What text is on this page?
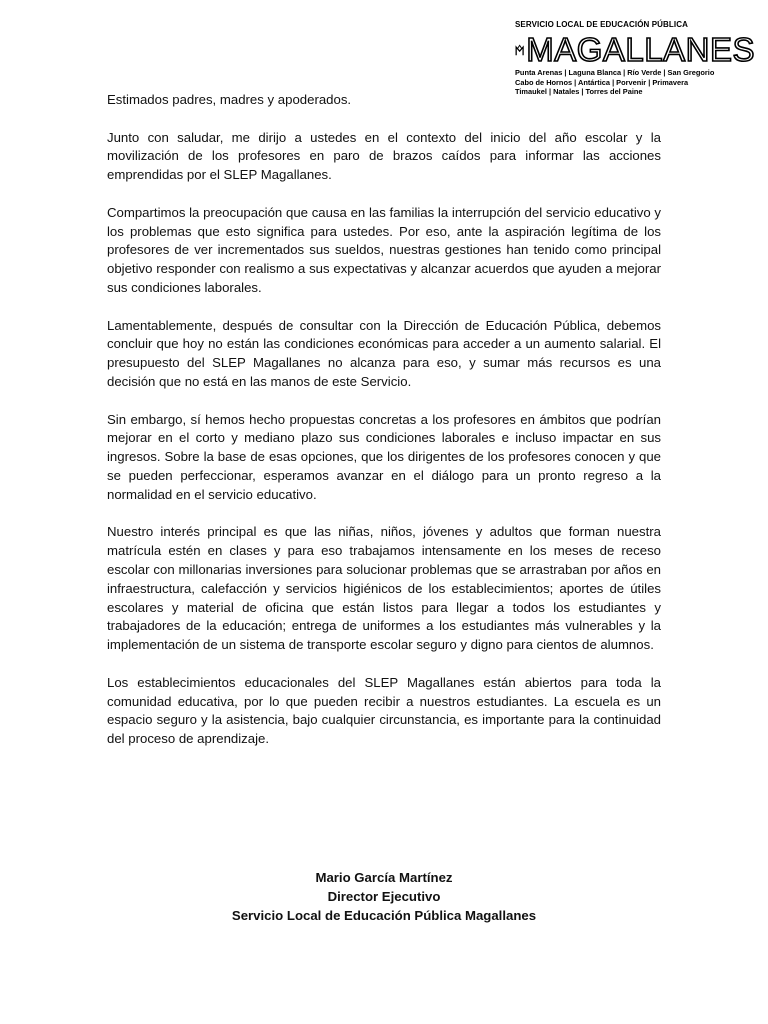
SERVICIO LOCAL DE EDUCACIÓN PÚBLICA
MAGALLANES
Punta Arenas | Laguna Blanca | Río Verde | San Gregorio
Cabo de Hornos | Antártica | Porvenir | Primavera
Timaukel | Natales | Torres del Paine

Estimados padres, madres y apoderados.

Junto con saludar, me dirijo a ustedes en el contexto del inicio del año escolar y la movilización de los profesores en paro de brazos caídos para informar las acciones emprendidas por el SLEP Magallanes.

Compartimos la preocupación que causa en las familias la interrupción del servicio educativo y los problemas que esto significa para ustedes. Por eso, ante la aspiración legítima de los profesores de ver incrementados sus sueldos, nuestras gestiones han tenido como principal objetivo responder con realismo a sus expectativas y alcanzar acuerdos que ayuden a mejorar sus condiciones laborales.

Lamentablemente, después de consultar con la Dirección de Educación Pública, debemos concluir que hoy no están las condiciones económicas para acceder a un aumento salarial. El presupuesto del SLEP Magallanes no alcanza para eso, y sumar más recursos es una decisión que no está en las manos de este Servicio.

Sin embargo, sí hemos hecho propuestas concretas a los profesores en ámbitos que podrían mejorar en el corto y mediano plazo sus condiciones laborales e incluso impactar en sus ingresos. Sobre la base de esas opciones, que los dirigentes de los profesores conocen y que se pueden perfeccionar, esperamos avanzar en el diálogo para un pronto regreso a la normalidad en el servicio educativo.

Nuestro interés principal es que las niñas, niños, jóvenes y adultos que forman nuestra matrícula estén en clases y para eso trabajamos intensamente en los meses de receso escolar con millonarias inversiones para solucionar problemas que se arrastraban por años en infraestructura, calefacción y servicios higiénicos de los establecimientos; aportes de útiles escolares y material de oficina que están listos para llegar a todos los estudiantes y trabajadores de la educación; entrega de uniformes a los estudiantes más vulnerables y la implementación de un sistema de transporte escolar seguro y digno para cientos de alumnos.

Los establecimientos educacionales del SLEP Magallanes están abiertos para toda la comunidad educativa, por lo que pueden recibir a nuestros estudiantes. La escuela es un espacio seguro y la asistencia, bajo cualquier circunstancia, es importante para la continuidad del proceso de aprendizaje.

Mario García Martínez
Director Ejecutivo
Servicio Local de Educación Pública Magallanes
